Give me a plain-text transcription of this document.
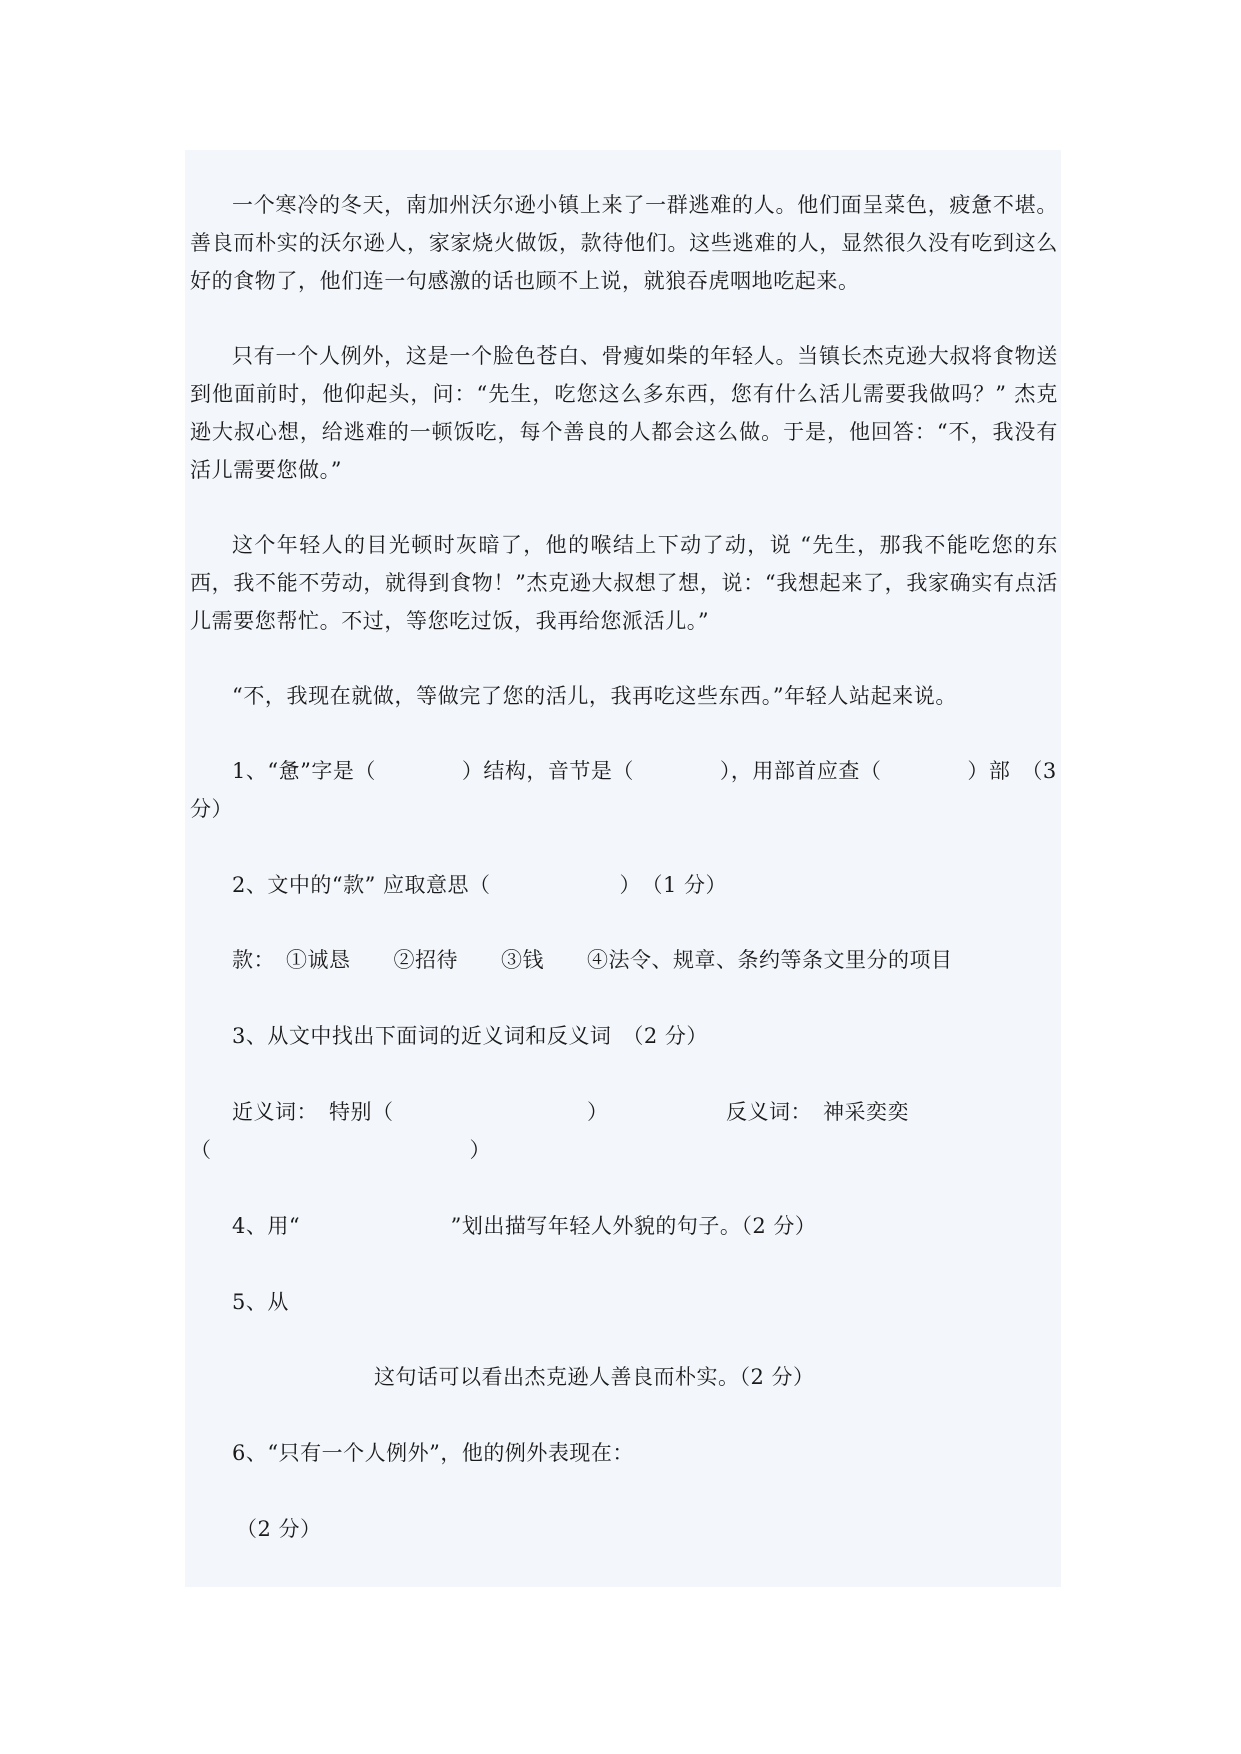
一个寒冷的冬天，南加州沃尔逊小镇上来了一群逃难的人。他们面呈菜色，疲惫不堪。善良而朴实的沃尔逊人，家家烧火做饭，款待他们。这些逃难的人，显然很久没有吃到这么好的食物了，他们连一句感激的话也顾不上说，就狼吞虎咽地吃起来。
只有一个人例外，这是一个脸色苍白、骨瘦如柴的年轻人。当镇长杰克逊大叔将食物送到他面前时，他仰起头，问：“先生，吃您这么多东西，您有什么活儿需要我做吗？” 杰克逊大叔心想，给逃难的一顿饭吃，每个善良的人都会这么做。于是，他回答：“不，我没有活儿需要您做。”
这个年轻人的目光顿时灰暗了，他的喉结上下动了动，说 “先生，那我不能吃您的东西，我不能不劳动，就得到食物！”杰克逊大叔想了想，说：“我想起来了，我家确实有点活儿需要您帮忙。不过，等您吃过饭，我再给您派活儿。”
“不，我现在就做，等做完了您的活儿，我再吃这些东西。”年轻人站起来说。
1、“惫”字是（　　　　）结构，音节是（　　　　），用部首应查（　　　　）部　（3
分）
2、文中的“款” 应取意思（　　　　　　）　（1 分）
款：　①诚恳　　②招待　　③钱　　④法令、规章、条约等条文里分的项目
3、从文中找出下面词的近义词和反义词　（2 分）
近义词：　特别（　　　　　　　　　）	反义词：　神采奕奕
（　　　　　　　　　　　　）
4、用“　　　　　　　”划出描写年轻人外貌的句子。（2 分）
5、从
这句话可以看出杰克逊人善良而朴实。（2 分）
6、“只有一个人例外”，他的例外表现在：
（2 分）
